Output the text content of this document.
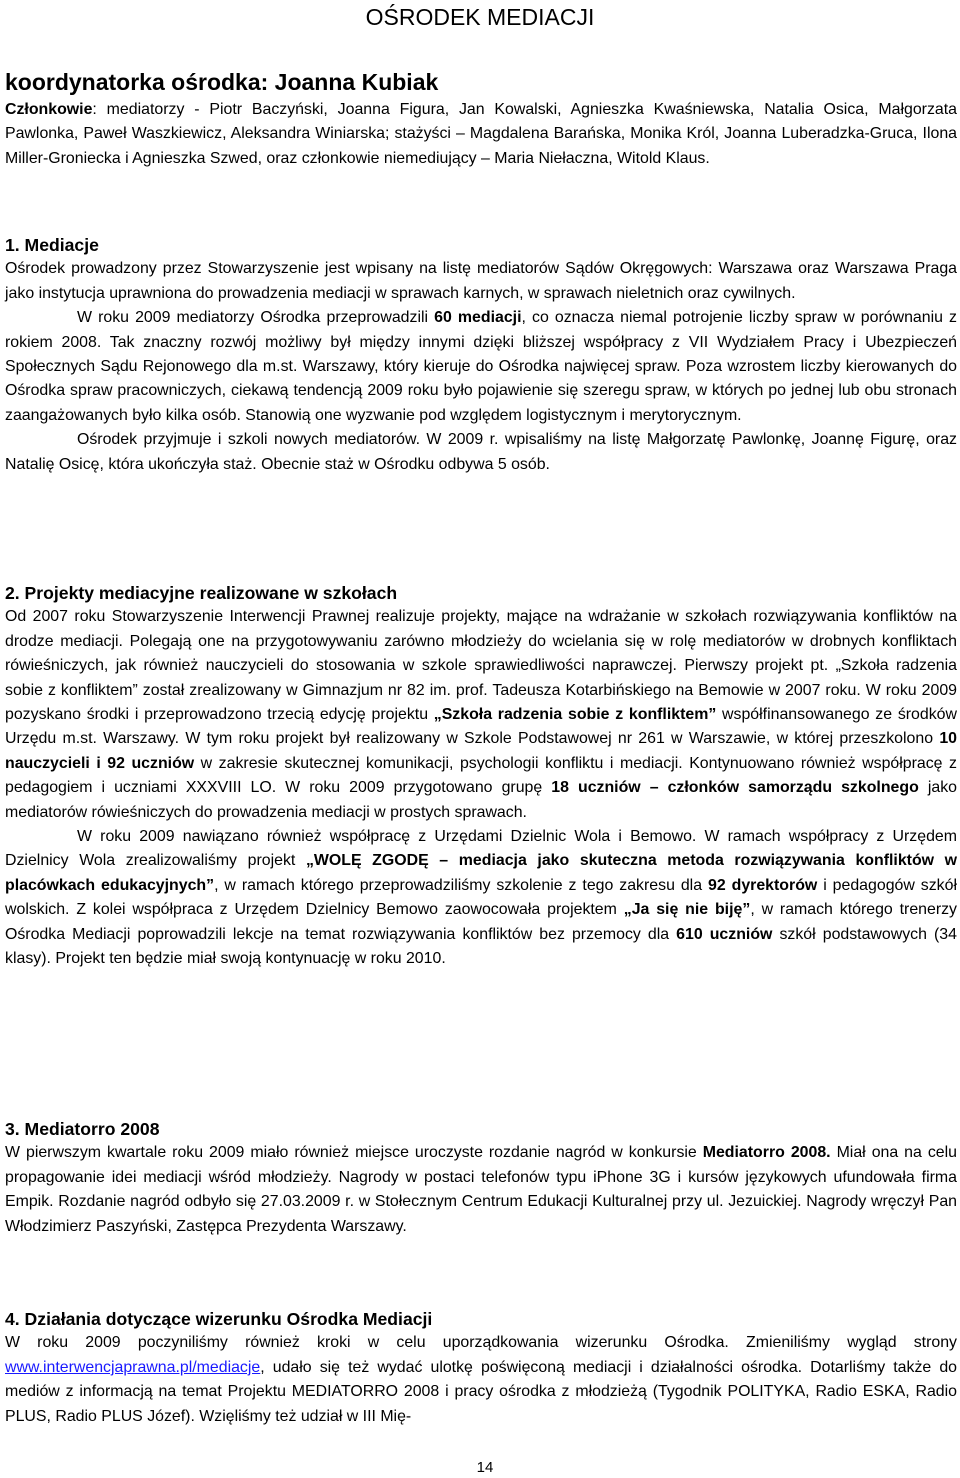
OŚRODEK MEDIACJI
koordynatorka ośrodka: Joanna Kubiak

Członkowie: mediatorzy - Piotr Baczyński, Joanna Figura, Jan Kowalski, Agnieszka Kwaśniewska, Natalia Osica, Małgorzata Pawlonka, Paweł Waszkiewicz, Aleksandra Winiarska; stażyści – Magdalena Barańska, Monika Król, Joanna Luberadzka-Gruca, Ilona Miller-Groniecka i Agnieszka Szwed, oraz członkowie niemediujący – Maria Niełaczna, Witold Klaus.

1. Mediacje

Ośrodek prowadzony przez Stowarzyszenie jest wpisany na listę mediatorów Sądów Okręgowych: Warszawa oraz Warszawa Praga jako instytucja uprawniona do prowadzenia mediacji w sprawach karnych, w sprawach nieletnich oraz cywilnych.

W roku 2009 mediatorzy Ośrodka przeprowadzili 60 mediacji, co oznacza niemal potrojenie liczby spraw w porównaniu z rokiem 2008. Tak znaczny rozwój możliwy był między innymi dzięki bliższej współpracy z VII Wydziałem Pracy i Ubezpieczeń Społecznych Sądu Rejonowego dla m.st. Warszawy, który kieruje do Ośrodka najwięcej spraw. Poza wzrostem liczby kierowanych do Ośrodka spraw pracowniczych, ciekawą tendencją 2009 roku było pojawienie się szeregu spraw, w których po jednej lub obu stronach zaangażowanych było kilka osób. Stanowią one wyzwanie pod względem logistycznym i merytorycznym.

Ośrodek przyjmuje i szkoli nowych mediatorów. W 2009 r. wpisaliśmy na listę Małgorzatę Pawlonkę, Joannę Figurę, oraz Natalię Osicę, która ukończyła staż. Obecnie staż w Ośrodku odbywa 5 osób.

2. Projekty mediacyjne realizowane w szkołach

Od 2007 roku Stowarzyszenie Interwencji Prawnej realizuje projekty, mające na wdrażanie w szkołach rozwiązywania konfliktów na drodze mediacji. Polegają one na przygotowywaniu zarówno młodzieży do wcielania się w rolę mediatorów w drobnych konfliktach rówieśniczych, jak również nauczycieli do stosowania w szkole sprawiedliwości naprawczej. Pierwszy projekt pt. „Szkoła radzenia sobie z konfliktem” został zrealizowany w Gimnazjum nr 82 im. prof. Tadeusza Kotarbińskiego na Bemowie w 2007 roku. W roku 2009 pozyskano środki i przeprowadzono trzecią edycję projektu „Szkoła radzenia sobie z konfliktem” współfinansowanego ze środków Urzędu m.st. Warszawy. W tym roku projekt był realizowany w Szkole Podstawowej nr 261 w Warszawie, w której przeszkolono 10 nauczycieli i 92 uczniów w zakresie skutecznej komunikacji, psychologii konfliktu i mediacji. Kontynuowano również współpracę z pedagogiem i uczniami XXXVIII LO. W roku 2009 przygotowano grupę 18 uczniów – członków samorządu szkolnego jako mediatorów rówieśniczych do prowadzenia mediacji w prostych sprawach.

W roku 2009 nawiązano również współpracę z Urzędami Dzielnic Wola i Bemowo. W ramach współpracy z Urzędem Dzielnicy Wola zrealizowaliśmy projekt „WOLĘ ZGODĘ – mediacja jako skuteczna metoda rozwiązywania konfliktów w placówkach edukacyjnych”, w ramach którego przeprowadziliśmy szkolenie z tego zakresu dla 92 dyrektorów i pedagogów szkół wolskich. Z kolei współpraca z Urzędem Dzielnicy Bemowo zaowocowała projektem „Ja się nie biję”, w ramach którego trenerzy Ośrodka Mediacji poprowadzili lekcje na temat rozwiązywania konfliktów bez przemocy dla 610 uczniów szkół podstawowych (34 klasy). Projekt ten będzie miał swoją kontynuację w roku 2010.

3. Mediatorro 2008

W pierwszym kwartale roku 2009 miało również miejsce uroczyste rozdanie nagród w konkursie Mediatorro 2008. Miał ona na celu propagowanie idei mediacji wśród młodzieży. Nagrody w postaci telefonów typu iPhone 3G i kursów językowych ufundowała firma Empik. Rozdanie nagród odbyło się 27.03.2009 r. w Stołecznym Centrum Edukacji Kulturalnej przy ul. Jezuickiej. Nagrody wręczył Pan Włodzimierz Paszyński, Zastępca Prezydenta Warszawy.

4. Działania dotyczące wizerunku Ośrodka Mediacji

W roku 2009 poczyniliśmy również kroki w celu uporządkowania wizerunku Ośrodka. Zmieniliśmy wygląd strony www.interwencjaprawna.pl/mediacje, udało się też wydać ulotkę poświęconą mediacji i działalności ośrodka. Dotarliśmy także do mediów z informacją na temat Projektu MEDIATORRO 2008 i pracy ośrodka z młodzieżą (Tygodnik POLITYKA, Radio ESKA, Radio PLUS, Radio PLUS Józef). Wzięliśmy też udział w III Mię-

14
